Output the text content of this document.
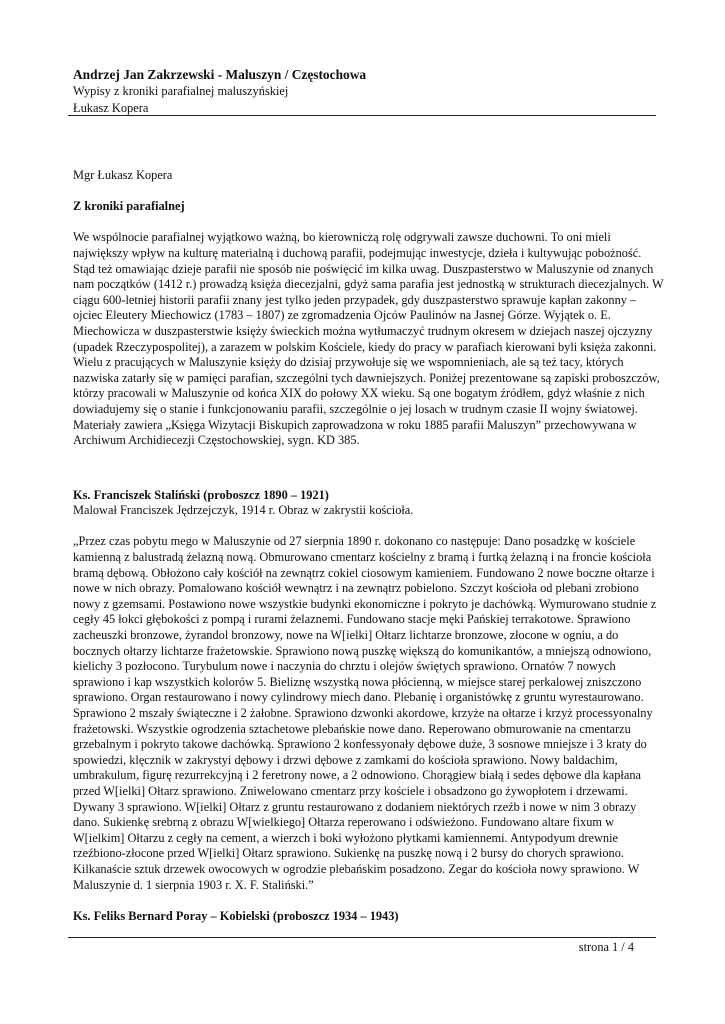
Andrzej Jan Zakrzewski - Maluszyn / Częstochowa
Wypisy z kroniki parafialnej maluszyńskiej
Łukasz Kopera

Mgr Łukasz Kopera

Z kroniki parafialnej

We wspólnocie parafialnej wyjątkowo ważną, bo kierowniczą rolę odgrywali zawsze duchowni. To oni mieli największy wpływ na kulturę materialną i duchową parafii, podejmując inwestycje, dzieła i kultywując pobożność. Stąd też omawiając dzieje parafii nie sposób nie poświęcić im kilka uwag. Duszpasterstwo w Maluszynie od znanych nam początków (1412 r.) prowadzą księża diecezjalni, gdyż sama parafia jest jednostką w strukturach diecezjalnych. W ciągu 600-letniej historii parafii znany jest tylko jeden przypadek, gdy duszpasterstwo sprawuje kapłan zakonny – ojciec Eleutery Miechowicz (1783 – 1807) ze zgromadzenia Ojców Paulinów na Jasnej Górze. Wyjątek o. E. Miechowicza w duszpasterstwie księży świeckich można wytłumaczyć trudnym okresem w dziejach naszej ojczyzny (upadek Rzeczypospolitej), a zarazem w polskim Kościele, kiedy do pracy w parafiach kierowani byli księża zakonni. Wielu z pracujących w Maluszynie księży do dzisiaj przywołuje się we wspomnieniach, ale są też tacy, których nazwiska zatarły się w pamięci parafian, szczególni tych dawniejszych. Poniżej prezentowane są zapiski proboszczów, którzy pracowali w Maluszynie od końca XIX do połowy XX wieku. Są one bogatym źródłem, gdyż właśnie z nich dowiadujemy się o stanie i funkcjonowaniu parafii, szczególnie o jej losach w trudnym czasie II wojny światowej. Materiały zawiera „Księga Wizytacji Biskupich zaprowadzona w roku 1885 parafii Maluszyn” przechowywana w Archiwum Archidiecezji Częstochowskiej, sygn. KD 385.

Ks. Franciszek Staliński (proboszcz 1890 – 1921)

Malował Franciszek Jędrzejczyk, 1914 r. Obraz w zakrystii kościoła.

„Przez czas pobytu mego w Maluszynie od 27 sierpnia 1890 r. dokonano co następuje: Dano posadzkę w kościele kamienną z balustradą żelazną nową. Obmurowano cmentarz kościelny z bramą i furtką żelazną i na froncie kościoła bramą dębową. Obłożono cały kościół na zewnątrz cokiel ciosowym kamieniem. Fundowano 2 nowe boczne ołtarze i nowe w nich obrazy. Pomalowano kościół wewnątrz i na zewnątrz pobielono. Szczyt kościoła od plebani zrobiono nowy z gzemsami. Postawiono nowe wszystkie budynki ekonomiczne i pokryto je dachówką. Wymurowano studnie z cegły 45 łokci głębokości z pompą i rurami żelaznemi. Fundowano stacje męki Pańskiej terrakotowe. Sprawiono zacheuszki bronzowe, żyrandol bronzowy, nowe na W[ielki] Ołtarz lichtarze bronzowe, złocone w ogniu, a do bocznych ołtarzy lichtarze frażetowskie. Sprawiono nową puszkę większą do komunikantów, a mniejszą odnowiono, kielichy 3 pozłocono. Turybulum nowe i naczynia do chrztu i olejów świętych sprawiono. Ornatów 7 nowych sprawiono i kap wszystkich kolorów 5. Bieliznę wszystką nowa płócienną, w miejsce starej perkalowej zniszczono sprawiono. Organ restaurowano i nowy cylindrowy miech dano. Plebanię i organistówkę z gruntu wyrestaurowano. Sprawiono 2 mszały świąteczne i 2 żałobne. Sprawiono dzwonki akordowe, krzyże na ołtarze i krzyż processyonalny frażetowski. Wszystkie ogrodzenia sztachetowe plebańskie nowe dano. Reperowano obmurowanie na cmentarzu grzebalnym i pokryto takowe dachówką. Sprawiono 2 konfessyonały dębowe duże, 3 sosnowe mniejsze i 3 kraty do spowiedzi, klęcznik w zakrystyi dębowy i drzwi dębowe z zamkami do kościoła sprawiono. Nowy baldachim, umbrakulum, figurę rezurrekcyjną i 2 feretrony nowe, a 2 odnowiono. Chorągiew białą i sedes dębowe dla kapłana przed W[ielki] Ołtarz sprawiono. Zniwelowano cmentarz przy kościele i obsadzono go żywopłotem i drzewami. Dywany 3 sprawiono. W[ielki] Ołtarz z gruntu restaurowano z dodaniem niektórych rzeźb i nowe w nim 3 obrazy dano. Sukienkę srebrną z obrazu W[wielkiego] Ołtarza reperowano i odświeżono. Fundowano altare fixum w W[ielkim] Ołtarzu z cegły na cement, a wierzch i boki wyłożono płytkami kamiennemi. Antypodyum drewnie rzeźbiono-złocone przed W[ielki] Ołtarz sprawiono. Sukienkę na puszkę nową i 2 bursy do chorych sprawiono. Kilkanaście sztuk drzewek owocowych w ogrodzie plebańskim posadzono. Zegar do kościoła nowy sprawiono. W Maluszynie d. 1 sierpnia 1903 r. X. F. Staliński.”

Ks. Feliks Bernard Poray – Kobielski (proboszcz 1934 – 1943)

strona 1 / 4
